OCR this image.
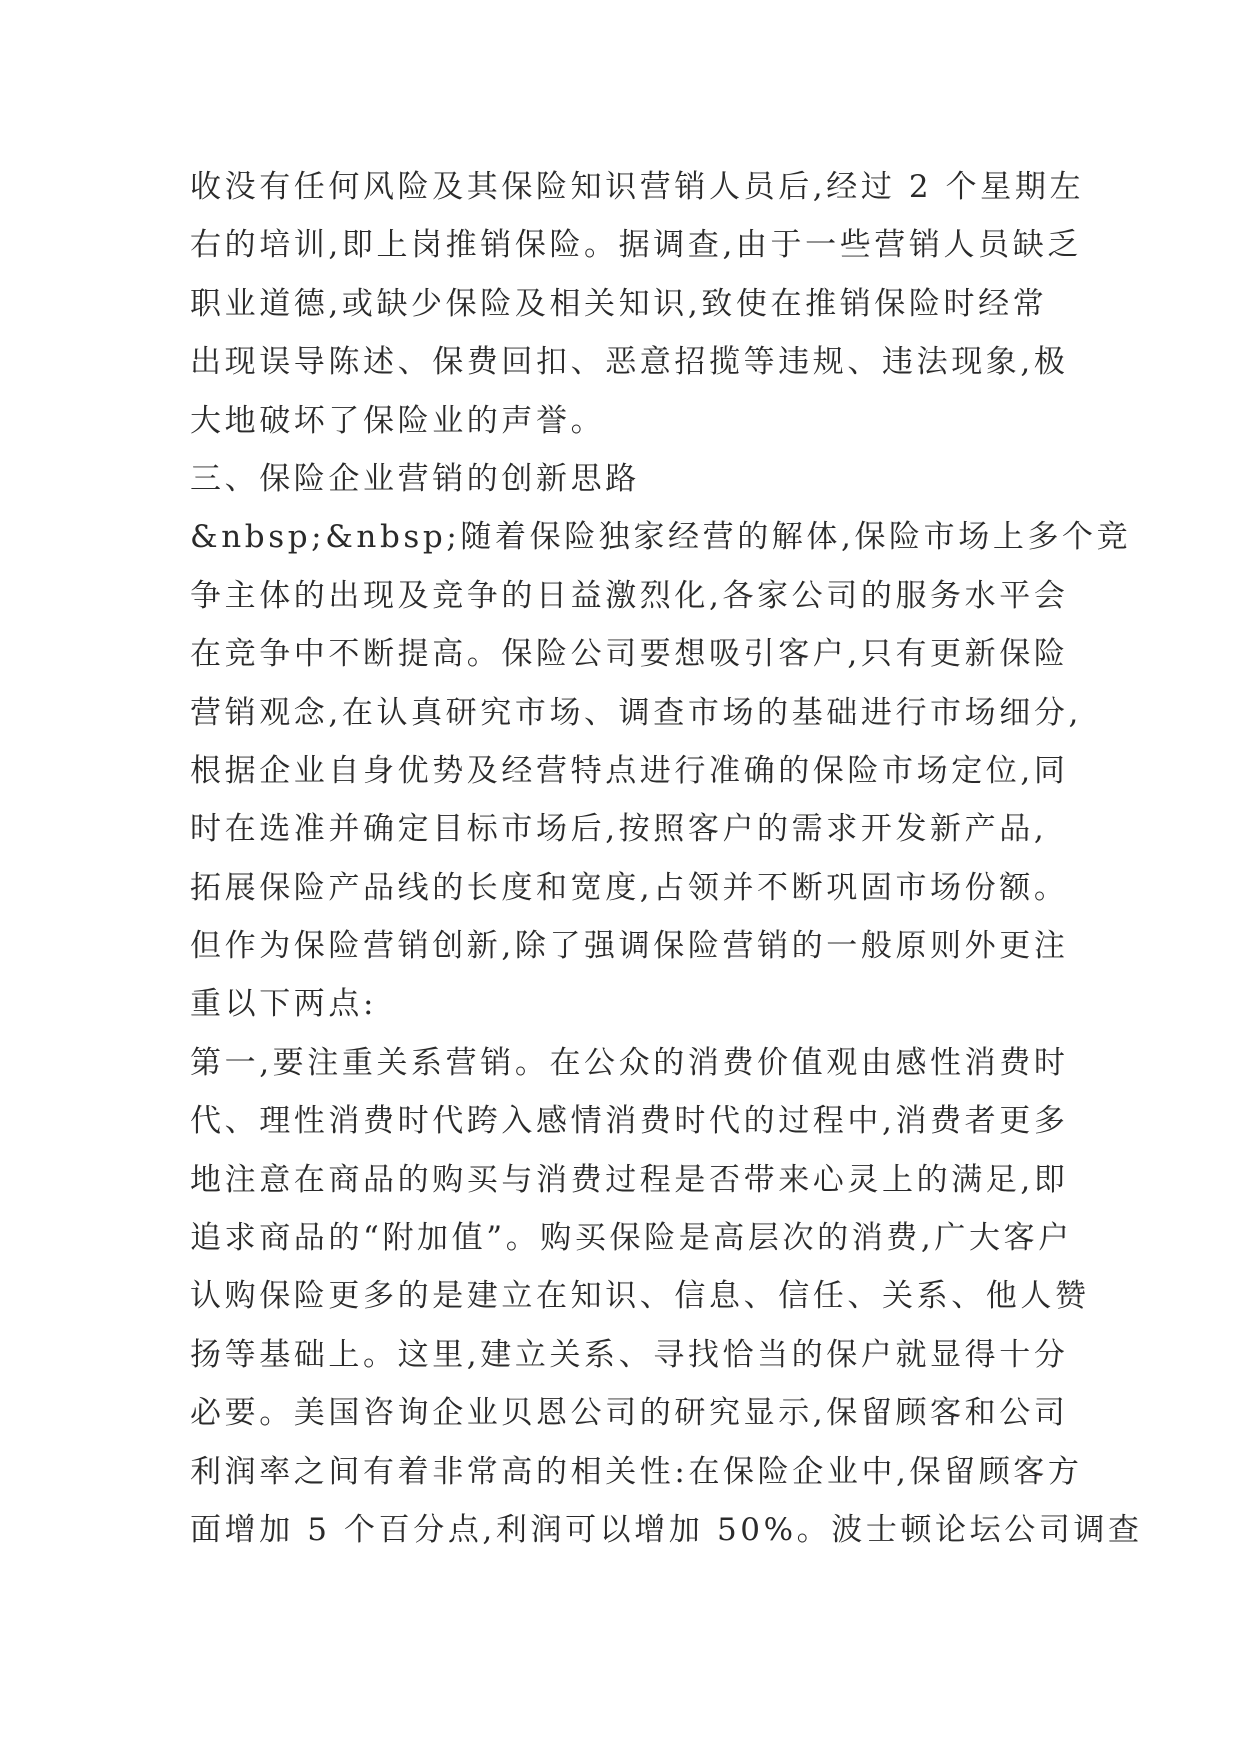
收没有任何风险及其保险知识营销人员后,经过 2 个星期左
右的培训,即上岗推销保险。据调查,由于一些营销人员缺乏
职业道德,或缺少保险及相关知识,致使在推销保险时经常
出现误导陈述、保费回扣、恶意招揽等违规、违法现象,极
大地破坏了保险业的声誉。
三、保险企业营销的创新思路
&nbsp;&nbsp;随着保险独家经营的解体,保险市场上多个竞
争主体的出现及竞争的日益激烈化,各家公司的服务水平会
在竞争中不断提高。保险公司要想吸引客户,只有更新保险
营销观念,在认真研究市场、调查市场的基础进行市场细分,
根据企业自身优势及经营特点进行准确的保险市场定位,同
时在选准并确定目标市场后,按照客户的需求开发新产品,
拓展保险产品线的长度和宽度,占领并不断巩固市场份额。
但作为保险营销创新,除了强调保险营销的一般原则外更注
重以下两点:
第一,要注重关系营销。在公众的消费价值观由感性消费时
代、理性消费时代跨入感情消费时代的过程中,消费者更多
地注意在商品的购买与消费过程是否带来心灵上的满足,即
追求商品的“附加值”。购买保险是高层次的消费,广大客户
认购保险更多的是建立在知识、信息、信任、关系、他人赞
扬等基础上。这里,建立关系、寻找恰当的保户就显得十分
必要。美国咨询企业贝恩公司的研究显示,保留顾客和公司
利润率之间有着非常高的相关性:在保险企业中,保留顾客方
面增加 5 个百分点,利润可以增加 50%。波士顿论坛公司调查
